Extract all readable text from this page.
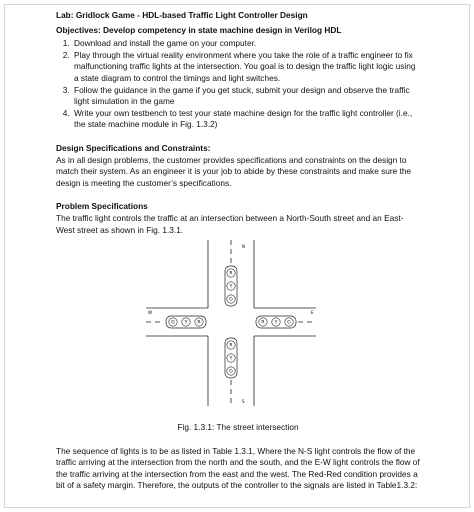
Lab: Gridlock Game - HDL-based Traffic Light Controller Design
Objectives: Develop competency in state machine design in Verilog HDL
1. Download and install the game on your computer.
2. Play through the virtual reality environment where you take the role of a traffic engineer to fix malfunctioning traffic lights at the intersection. You goal is to design the traffic light logic using a state diagram to control the timings and light switches.
3. Follow the guidance in the game if you get stuck, submit your design and observe the traffic light simulation in the game
4. Write your own testbench to test your state machine design for the traffic light controller (i.e., the state machine module in Fig. 1.3.2)
Design Specifications and Constraints:

As in all design problems, the customer provides specifications and constraints on the design to match their system. As an engineer it is your job to abide by these constraints and make sure the design is meeting the customer’s specifications.

Problem Specifications

The traffic light controls the traffic at an intersection between a North-South street and an East-West street as shown in Fig. 1.3.1.

R
Y
G
R
Y
G
G Y R	R Y G
N
S
W	E
Fig. 1.3.1: The street intersection

The sequence of lights is to be as listed in Table 1.3.1, Where the N-S light controls the flow of the traffic arriving at the intersection from the north and the south, and the E-W light controls the flow of the traffic arriving at the intersection from the east and the west. The Red-Red condition provides a bit of a safety margin. Therefore, the outputs of the controller to the signals are listed in Table1.3.2:
